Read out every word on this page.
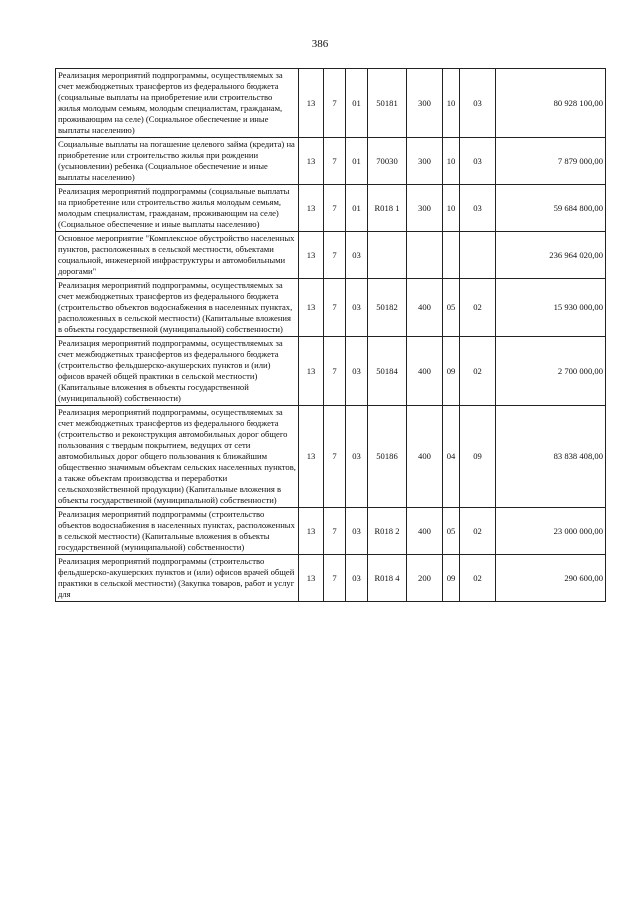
386
Реализация мероприятий подпрограммы, осуществляемых за счет межбюджетных трансфертов из федерального бюджета (социальные выплаты на приобретение или строительство жилья молодым семьям, молодым специалистам, гражданам, проживающим на селе) (Социальное обеспечение и иные выплаты населению)	13	7	01	50181	300	10	03	80 928 100,00
Социальные выплаты на погашение целевого займа (кредита) на приобретение или строительство жилья при рождении (усыновлении) ребенка (Социальное обеспечение и иные выплаты населению)	13	7	01	70030	300	10	03	7 879 000,00
Реализация мероприятий подпрограммы (социальные выплаты на приобретение или строительство жилья молодым семьям, молодым специалистам, гражданам, проживающим на селе) (Социальное обеспечение и иные выплаты населению)	13	7	01	R018 1	300	10	03	59 684 800,00
Основное мероприятие "Комплексное обустройство населенных пунктов, расположенных в сельской местности, объектами социальной, инженерной инфраструктуры и автомобильными дорогами"	13	7	03					236 964 020,00
Реализация мероприятий подпрограммы, осуществляемых за счет межбюджетных трансфертов из федерального бюджета (строительство объектов водоснабжения в населенных пунктах, расположенных в сельской местности) (Капитальные вложения в объекты государственной (муниципальной) собственности)	13	7	03	50182	400	05	02	15 930 000,00
Реализация мероприятий подпрограммы, осуществляемых за счет межбюджетных трансфертов из федерального бюджета (строительство фельдшерско-акушерских пунктов и (или) офисов врачей общей практики в сельской местности) (Капитальные вложения в объекты государственной (муниципальной) собственности)	13	7	03	50184	400	09	02	2 700 000,00
Реализация мероприятий подпрограммы, осуществляемых за счет межбюджетных трансфертов из федерального бюджета (строительство и реконструкция автомобильных дорог общего пользования с твердым покрытием, ведущих от сети автомобильных дорог общего пользования к ближайшим общественно значимым объектам сельских населенных пунктов, а также объектам производства и переработки сельскохозяйственной продукции) (Капитальные вложения в объекты государственной (муниципальной) собственности)	13	7	03	50186	400	04	09	83 838 408,00
Реализация мероприятий подпрограммы (строительство объектов водоснабжения в населенных пунктах, расположенных в сельской местности) (Капитальные вложения в объекты государственной (муниципальной) собственности)	13	7	03	R018 2	400	05	02	23 000 000,00
Реализация мероприятий подпрограммы (строительство фельдшерско-акушерских пунктов и (или) офисов врачей общей практики в сельской местности) (Закупка товаров, работ и услуг для	13	7	03	R018 4	200	09	02	290 600,00
